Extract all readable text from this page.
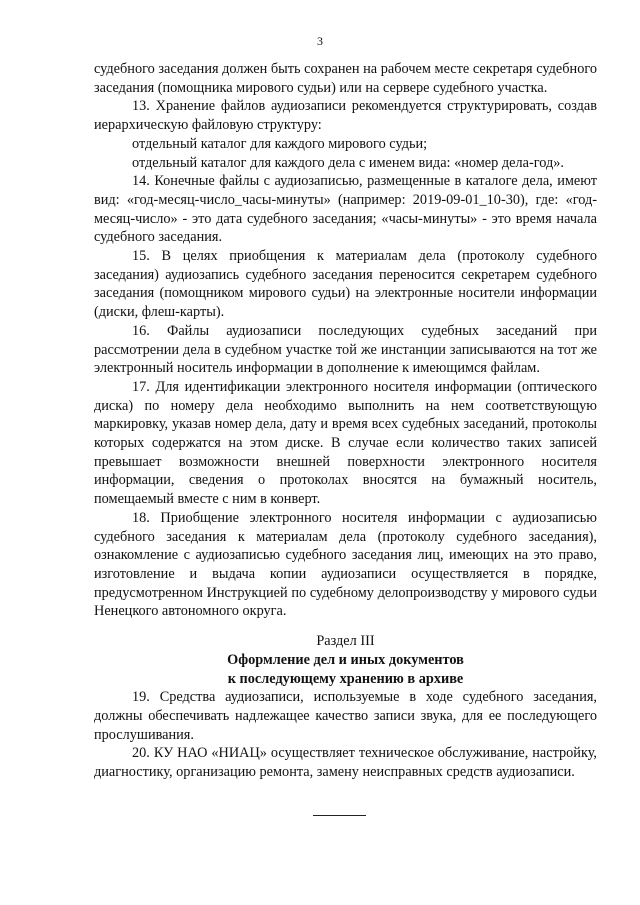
3

судебного заседания должен быть сохранен на рабочем месте секретаря судебного заседания (помощника мирового судьи) или на сервере судебного участка.

13. Хранение файлов аудиозаписи рекомендуется структурировать, создав иерархическую файловую структуру:

отдельный каталог для каждого мирового судьи;

отдельный каталог для каждого дела с именем вида: «номер дела-год».

14. Конечные файлы с аудиозаписью, размещенные в каталоге дела, имеют вид: «год-месяц-число_часы-минуты» (например: 2019-09-01_10-30), где: «год-месяц-число» - это дата судебного заседания; «часы-минуты» - это время начала судебного заседания.

15. В целях приобщения к материалам дела (протоколу судебного заседания) аудиозапись судебного заседания переносится секретарем судебного заседания (помощником мирового судьи) на электронные носители информации (диски, флеш-карты).

16. Файлы аудиозаписи последующих судебных заседаний при рассмотрении дела в судебном участке той же инстанции записываются на тот же электронный носитель информации в дополнение к имеющимся файлам.

17. Для идентификации электронного носителя информации (оптического диска) по номеру дела необходимо выполнить на нем соответствующую маркировку, указав номер дела, дату и время всех судебных заседаний, протоколы которых содержатся на этом диске. В случае если количество таких записей превышает возможности внешней поверхности электронного носителя информации, сведения о протоколах вносятся на бумажный носитель, помещаемый вместе с ним в конверт.

18. Приобщение электронного носителя информации с аудиозаписью судебного заседания к материалам дела (протоколу судебного заседания), ознакомление с аудиозаписью судебного заседания лиц, имеющих на это право, изготовление и выдача копии аудиозаписи осуществляется в порядке, предусмотренном Инструкцией по судебному делопроизводству у мирового судьи Ненецкого автономного округа.

Раздел III

Оформление дел и иных документов

к последующему хранению в архиве

19. Средства аудиозаписи, используемые в ходе судебного заседания, должны обеспечивать надлежащее качество записи звука, для ее последующего прослушивания.

20. КУ НАО «НИАЦ» осуществляет техническое обслуживание, настройку, диагностику, организацию ремонта, замену неисправных средств аудиозаписи.
